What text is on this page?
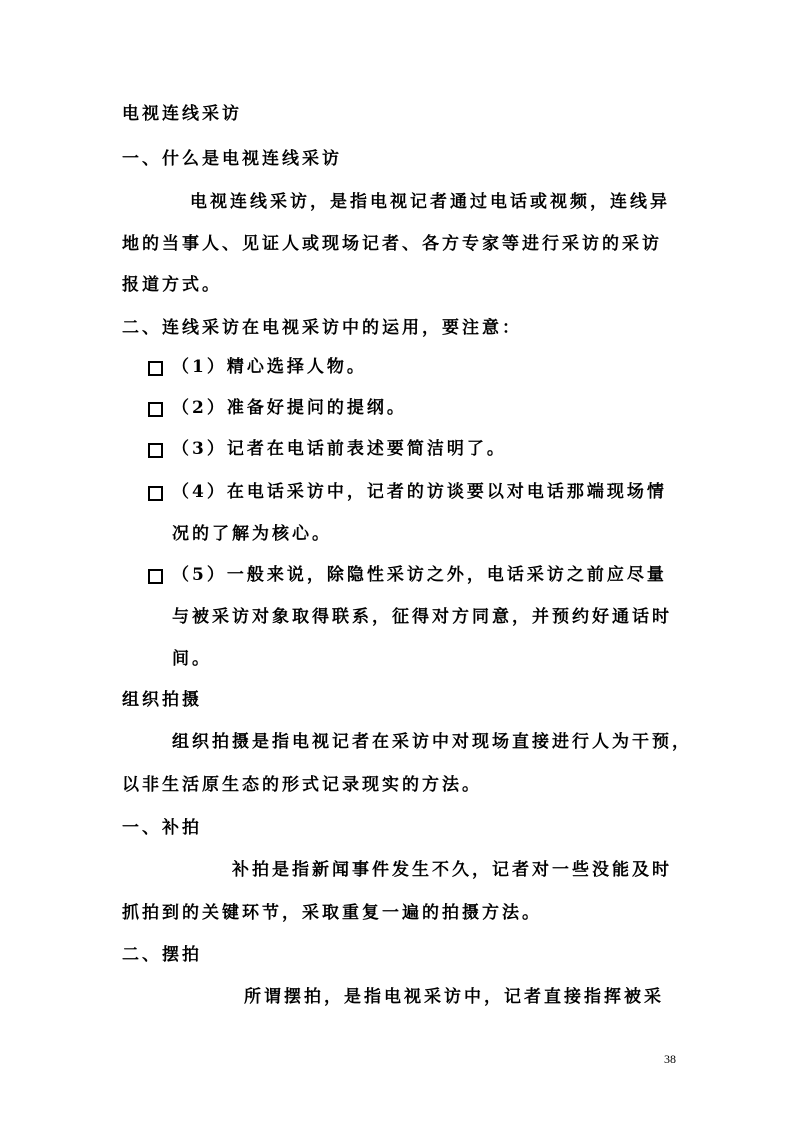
电视连线采访
一、什么是电视连线采访
电视连线采访，是指电视记者通过电话或视频，连线异
地的当事人、见证人或现场记者、各方专家等进行采访的采访
报道方式。
二、连线采访在电视采访中的运用，要注意：
（1）精心选择人物。
（2）准备好提问的提纲。
（3）记者在电话前表述要简洁明了。
（4）在电话采访中，记者的访谈要以对电话那端现场情
况的了解为核心。
（5）一般来说，除隐性采访之外，电话采访之前应尽量
与被采访对象取得联系，征得对方同意，并预约好通话时
间。
组织拍摄
组织拍摄是指电视记者在采访中对现场直接进行人为干预，
以非生活原生态的形式记录现实的方法。
一、补拍
补拍是指新闻事件发生不久，记者对一些没能及时
抓拍到的关键环节，采取重复一遍的拍摄方法。
二、摆拍
所谓摆拍，是指电视采访中，记者直接指挥被采
38
